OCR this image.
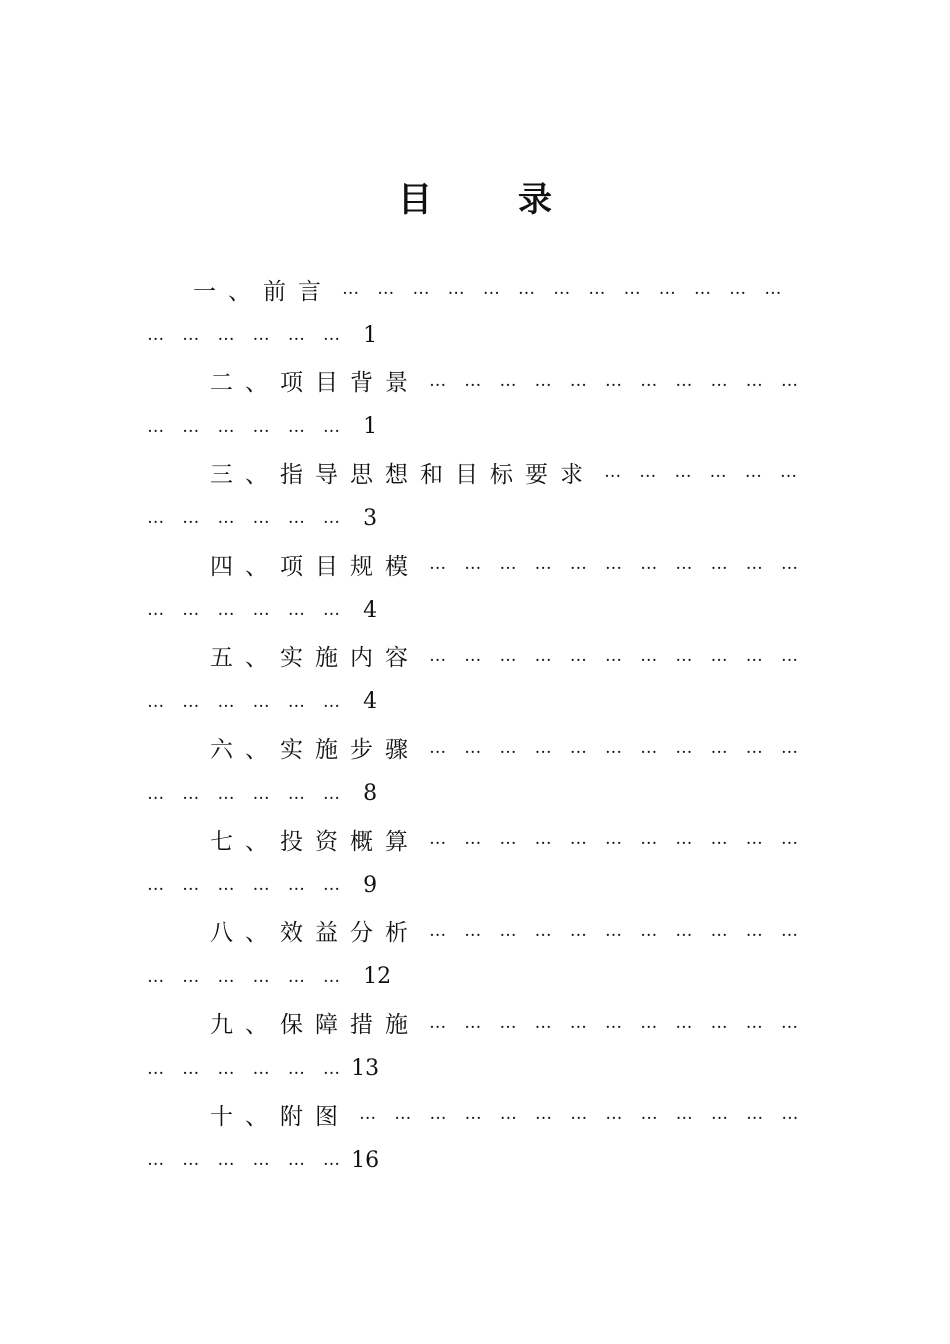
目	录
一、前言 …	…	…	…	…	…	…	…	…	…	…	…	…
…	…	…	…	…	…	1
二、项目背景 …	…	…	…	…	…	…	…	…	…	…
…	…	…	…	…	…	1
三、指导思想和目标要求 …	…	…	…	…	…
…	…	…	…	…	…	3
四、项目规模 …	…	…	…	…	…	…	…	…	…	…
…	…	…	…	…	…	4
五、实施内容 …	…	…	…	…	…	…	…	…	…	…
…	…	…	…	…	…	4
六、实施步骤 …	…	…	…	…	…	…	…	…	…	…
…	…	…	…	…	…	8
七、投资概算 …	…	…	…	…	…	…	…	…	…	…
…	…	…	…	…	…	9
八、效益分析 …	…	…	…	…	…	…	…	…	…	…
…	…	…	…	…	…	12
九、保障措施 …	…	…	…	…	…	…	…	…	…	…
…	…	…	…	…	… 13
十、附图 …	…	…	…	…	…	…	…	…	…	…	…	…
…	…	…	…	…	… 16
